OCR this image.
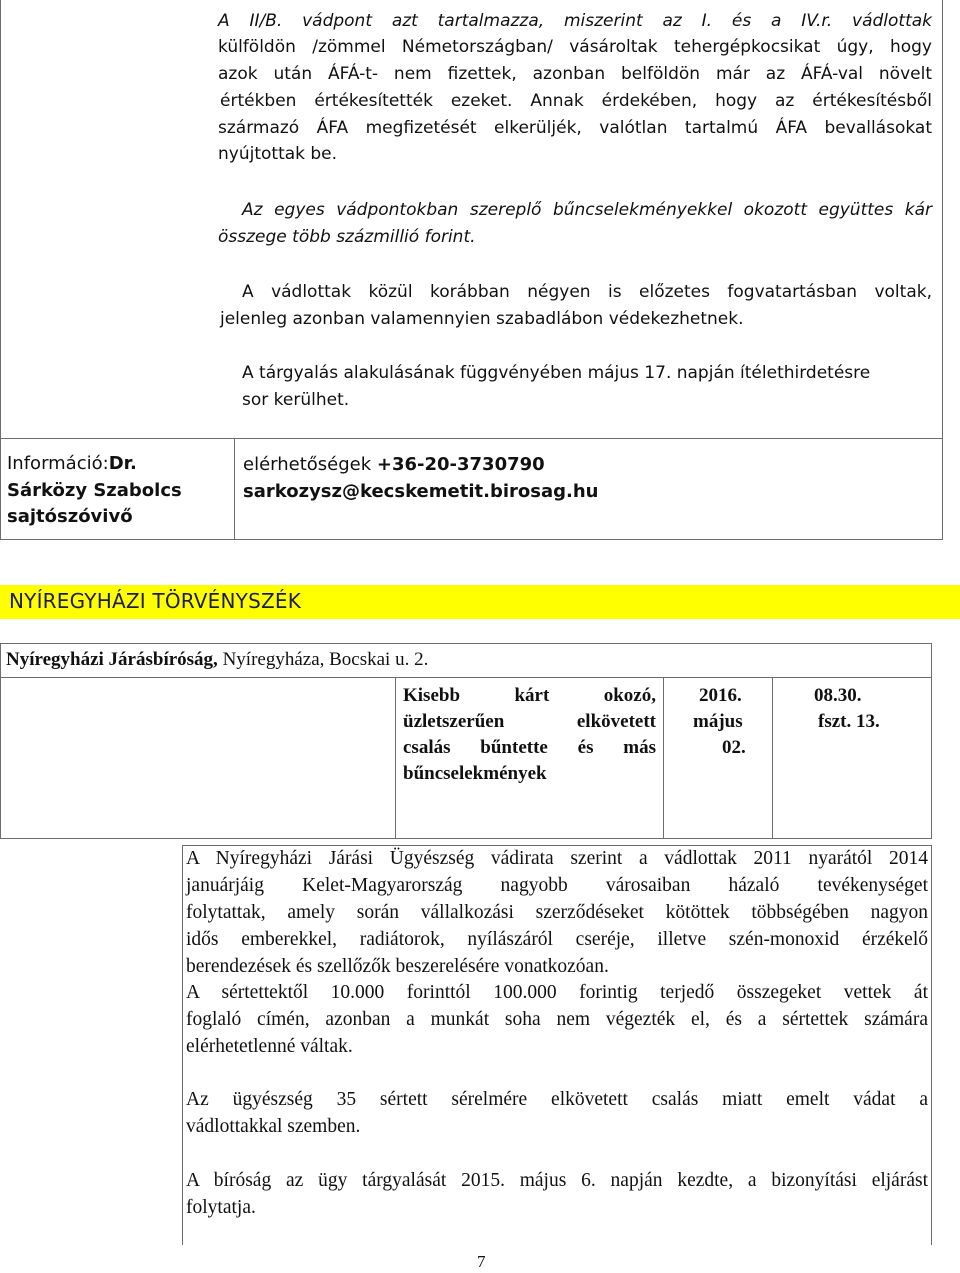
A II/B. vádpont azt tartalmazza, miszerint az I. és a IV.r. vádlottak
külföldön /zömmel Németországban/ vásároltak tehergépkocsikat úgy, hogy
azok után ÁFÁ-t- nem fizettek, azonban belföldön már az ÁFÁ-val növelt
értékben értékesítették ezeket. Annak érdekében, hogy az értékesítésből
származó ÁFA megfizetését elkerüljék, valótlan tartalmú ÁFA bevallásokat
nyújtottak be.
Az egyes vádpontokban szereplő bűncselekményekkel okozott együttes kár
összege több százmillió forint.
A vádlottak közül korábban négyen is előzetes fogvatartásban voltak,
jelenleg azonban valamennyien szabadlábon védekezhetnek.
A tárgyalás alakulásának függvényében május 17. napján ítélethirdetésre
sor kerülhet.
Információ:Dr.
Sárközy Szabolcs
sajtószóvivő
elérhetőségek +36-20-3730790
sarkozysz@kecskemetit.birosag.hu
NYÍREGYHÁZI TÖRVÉNYSZÉK
Nyíregyházi Járásbíróság, Nyíregyháza, Bocskai u. 2.
Kisebb kárt okozó,
üzletszerűen elkövetett
csalás bűntette és más
bűncselekmények
2016.
május
02.
08.30.
fszt. 13.
A Nyíregyházi Járási Ügyészség vádirata szerint a vádlottak 2011 nyarától 2014
januárjáig Kelet-Magyarország nagyobb városaiban házaló tevékenységet
folytattak, amely során vállalkozási szerződéseket kötöttek többségében nagyon
idős emberekkel, radiátorok, nyílászáról cseréje, illetve szén-monoxid érzékelő
berendezések és szellőzők beszerelésére vonatkozóan.
A sértettektől 10.000 forinttól 100.000 forintig terjedő összegeket vettek át
foglaló címén, azonban a munkát soha nem végezték el, és a sértettek számára
elérhetetlenné váltak.
Az ügyészség 35 sértett sérelmére elkövetett csalás miatt emelt vádat a
vádlottakkal szemben.
A bíróság az ügy tárgyalását 2015. május 6. napján kezdte, a bizonyítási eljárást
folytatja.
7
